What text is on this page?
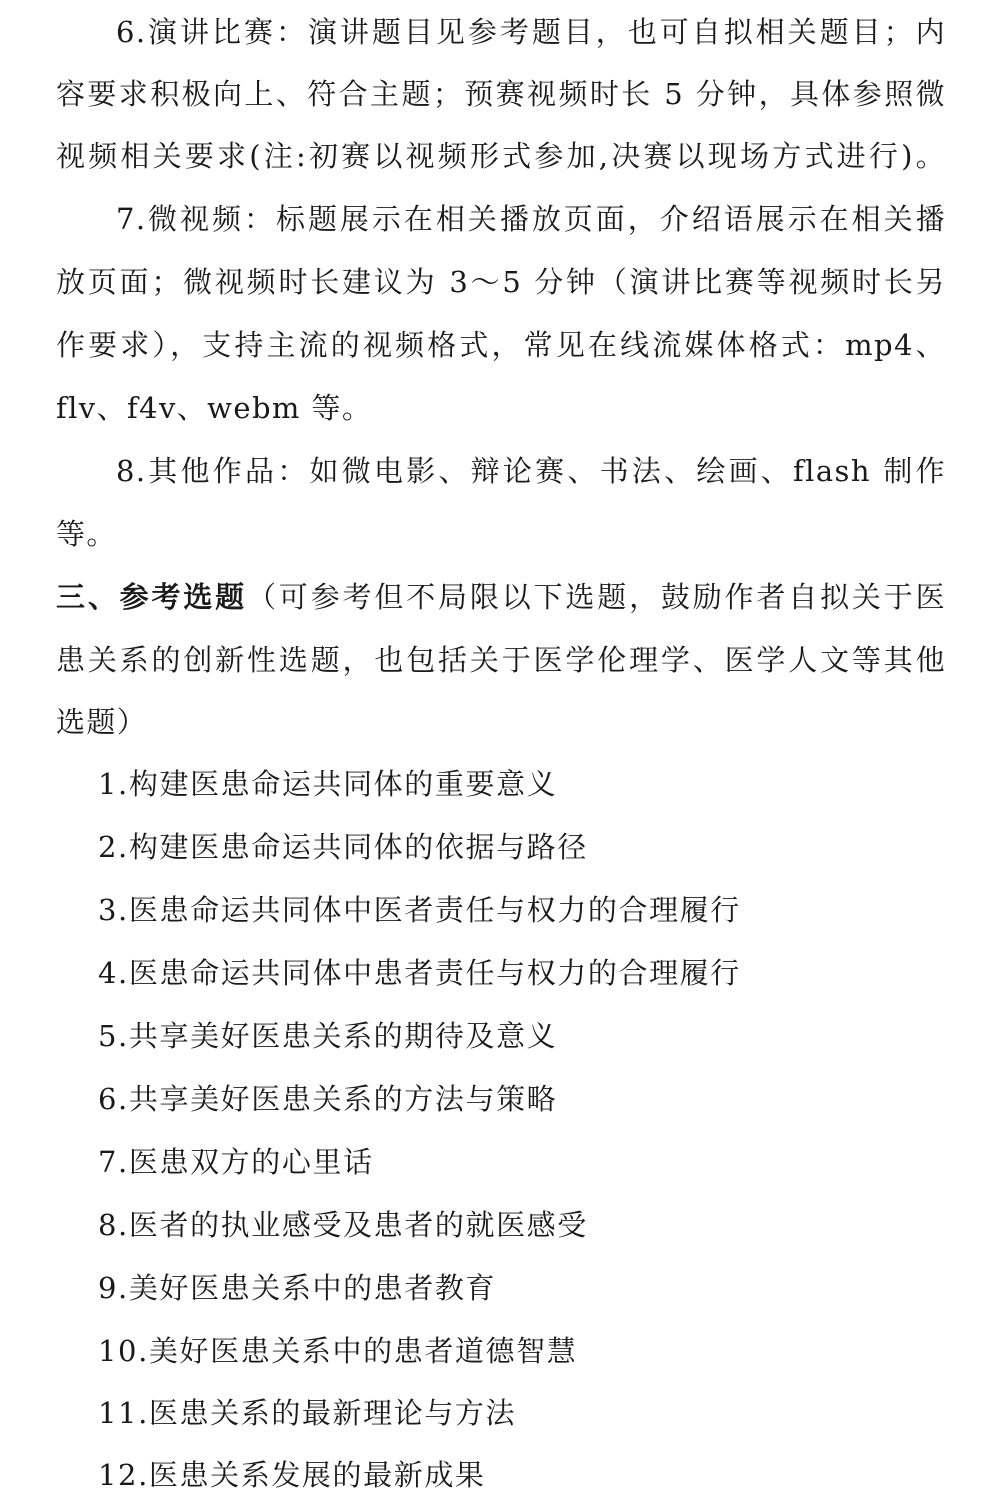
6.演讲比赛：演讲题目见参考题目，也可自拟相关题目；内
容要求积极向上、符合主题；预赛视频时长 5 分钟，具体参照微
视频相关要求(注:初赛以视频形式参加,决赛以现场方式进行)。
7.微视频：标题展示在相关播放页面，介绍语展示在相关播
放页面；微视频时长建议为 3～5 分钟（演讲比赛等视频时长另
作要求），支持主流的视频格式，常见在线流媒体格式：mp4、
flv、f4v、webm 等。
8.其他作品：如微电影、辩论赛、书法、绘画、flash 制作
等。
三、参考选题（可参考但不局限以下选题，鼓励作者自拟关于医
患关系的创新性选题，也包括关于医学伦理学、医学人文等其他
选题）
1.构建医患命运共同体的重要意义
2.构建医患命运共同体的依据与路径
3.医患命运共同体中医者责任与权力的合理履行
4.医患命运共同体中患者责任与权力的合理履行
5.共享美好医患关系的期待及意义
6.共享美好医患关系的方法与策略
7.医患双方的心里话
8.医者的执业感受及患者的就医感受
9.美好医患关系中的患者教育
10.美好医患关系中的患者道德智慧
11.医患关系的最新理论与方法
12.医患关系发展的最新成果
